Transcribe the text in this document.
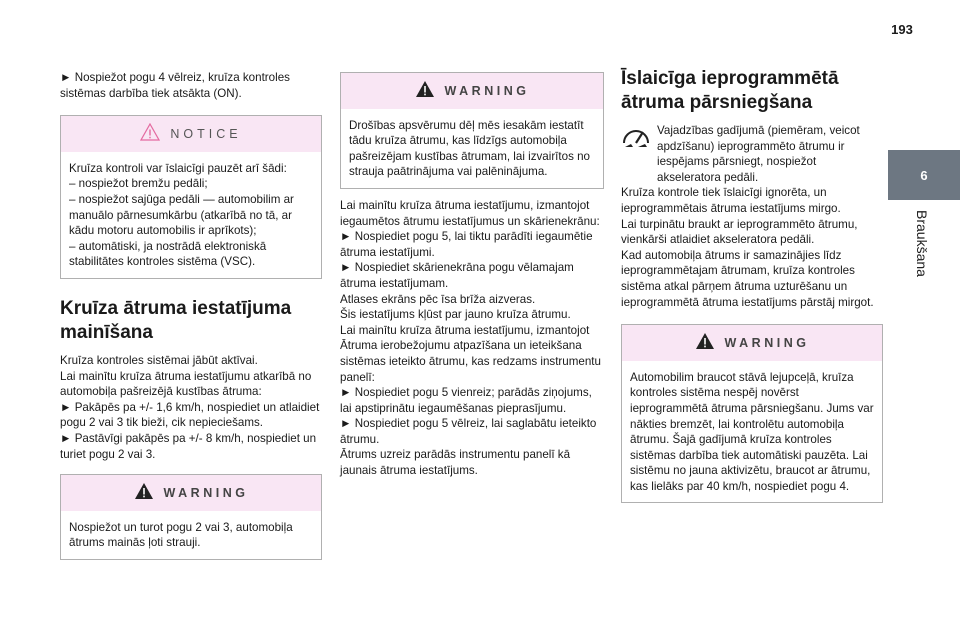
193
6
Braukšana

► Nospiežot pogu 4 vēlreiz, kruīza kontroles sistēmas darbība tiek atsākta (ON).

NOTICE

Kruīza kontroli var īslaicīgi pauzēt arī šādi:

– nospiežot bremžu pedāli;

– nospiežot sajūga pedāli — automobilim ar manuālo pārnesumkārbu (atkarībā no tā, ar kādu motoru automobilis ir aprīkots);

– automātiski, ja nostrādā elektroniskā stabilitātes kontroles sistēma (VSC).

Kruīza ātruma iestatījuma mainīšana

Kruīza kontroles sistēmai jābūt aktīvai.

Lai mainītu kruīza ātruma iestatījumu atkarībā no automobiļa pašreizējā kustības ātruma:

► Pakāpēs pa +/- 1,6 km/h, nospiediet un atlaidiet pogu 2 vai 3 tik bieži, cik nepieciešams.

► Pastāvīgi pakāpēs pa +/- 8 km/h, nospiediet un turiet pogu 2 vai 3.

WARNING

Nospiežot un turot pogu 2 vai 3, automobiļa ātrums mainās ļoti strauji.

WARNING

Drošības apsvērumu dēļ mēs iesakām iestatīt tādu kruīza ātrumu, kas līdzīgs automobiļa pašreizējam kustības ātrumam, lai izvairītos no strauja paātrinājuma vai palēninājuma.

Lai mainītu kruīza ātruma iestatījumu, izmantojot iegaumētos ātrumu iestatījumus un skārienekrānu:

► Nospiediet pogu 5, lai tiktu parādīti iegaumētie ātruma iestatījumi.

► Nospiediet skārienekrāna pogu vēlamajam ātruma iestatījumam.

Atlases ekrāns pēc īsa brīža aizveras.

Šis iestatījums kļūst par jauno kruīza ātrumu.

Lai mainītu kruīza ātruma iestatījumu, izmantojot Ātruma ierobežojumu atpazīšana un ieteikšana sistēmas ieteikto ātrumu, kas redzams instrumentu panelī:

► Nospiediet pogu 5 vienreiz; parādās ziņojums, lai apstiprinātu iegaumēšanas pieprasījumu.

► Nospiediet pogu 5 vēlreiz, lai saglabātu ieteikto ātrumu.

Ātrums uzreiz parādās instrumentu panelī kā jaunais ātruma iestatījums.

Īslaicīga ieprogrammētā ātruma pārsniegšana

Vajadzības gadījumā (piemēram, veicot apdzīšanu) ieprogrammēto ātrumu ir iespējams pārsniegt, nospiežot akseleratora pedāli.

Kruīza kontrole tiek īslaicīgi ignorēta, un ieprogrammētais ātruma iestatījums mirgo.

Lai turpinātu braukt ar ieprogrammēto ātrumu, vienkārši atlaidiet akseleratora pedāli.

Kad automobiļa ātrums ir samazinājies līdz ieprogrammētajam ātrumam, kruīza kontroles sistēma atkal pārņem ātruma uzturēšanu un ieprogrammētā ātruma iestatījums pārstāj mirgot.

WARNING

Automobilim braucot stāvā lejupceļā, kruīza kontroles sistēma nespēj novērst ieprogrammētā ātruma pārsniegšanu. Jums var nākties bremzēt, lai kontrolētu automobiļa ātrumu. Šajā gadījumā kruīza kontroles sistēmas darbība tiek automātiski pauzēta. Lai sistēmu no jauna aktivizētu, braucot ar ātrumu, kas lielāks par 40 km/h, nospiediet pogu 4.
